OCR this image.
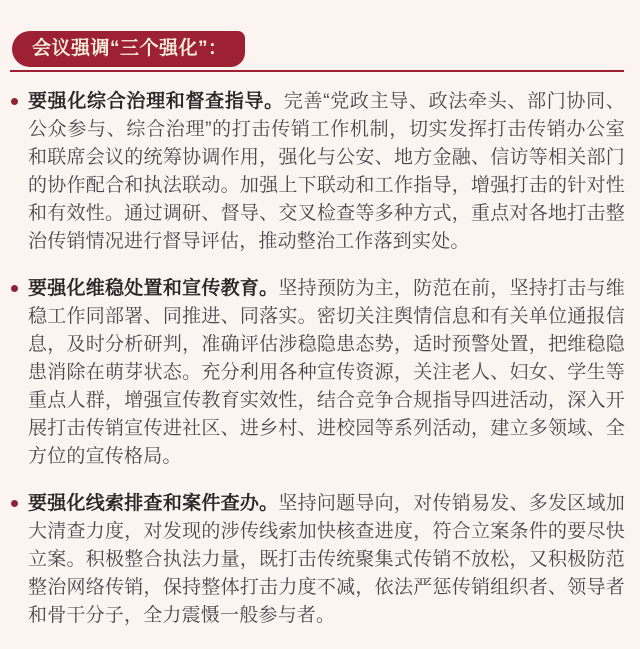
会议强调“三个强化”：
要强化综合治理和督查指导。完善“党政主导、政法牵头、部门协同、公众参与、综合治理”的打击传销工作机制，切实发挥打击传销办公室和联席会议的统筹协调作用，强化与公安、地方金融、信访等相关部门的协作配合和执法联动。加强上下联动和工作指导，增强打击的针对性和有效性。通过调研、督导、交叉检查等多种方式，重点对各地打击整治传销情况进行督导评估，推动整治工作落到实处。
要强化维稳处置和宣传教育。坚持预防为主，防范在前，坚持打击与维稳工作同部署、同推进、同落实。密切关注舆情信息和有关单位通报信息，及时分析研判，准确评估涉稳隐患态势，适时预警处置，把维稳隐患消除在萌芽状态。充分利用各种宣传资源，关注老人、妇女、学生等重点人群，增强宣传教育实效性，结合竞争合规指导四进活动，深入开展打击传销宣传进社区、进乡村、进校园等系列活动，建立多领域、全方位的宣传格局。
要强化线索排查和案件查办。坚持问题导向，对传销易发、多发区域加大清查力度，对发现的涉传线索加快核查进度，符合立案条件的要尽快立案。积极整合执法力量，既打击传统聚集式传销不放松，又积极防范整治网络传销，保持整体打击力度不减，依法严惩传销组织者、领导者和骨干分子，全力震慑一般参与者。
